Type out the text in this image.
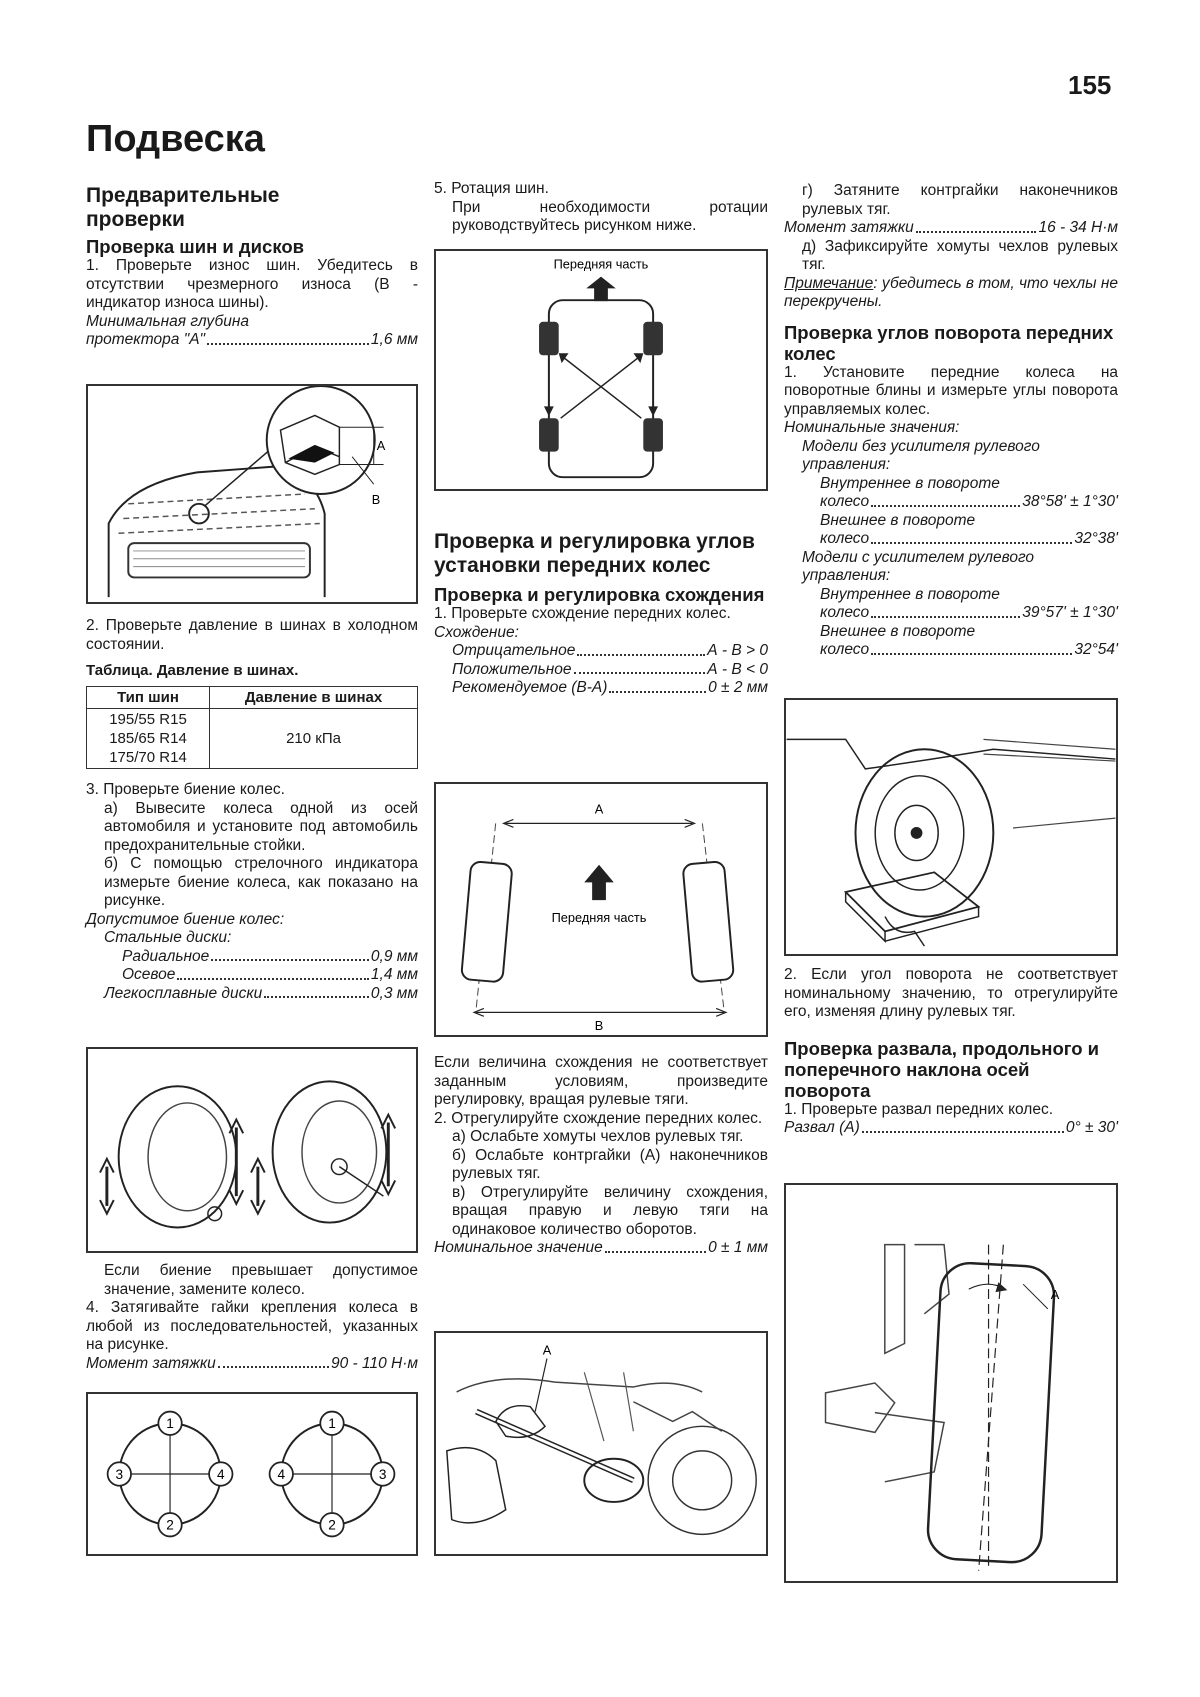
155
Подвеска
Предварительные проверки
Проверка шин и дисков

1. Проверьте износ шин. Убедитесь в отсутствии чрезмерного износа (В - индикатор износа шины).

Минимальная глубина
протектора "А"	1,6 мм
A
B

2. Проверьте давление в шинах в холодном состоянии.

Таблица. Давление в шинах.
Тип шин	Давление в шинах

195/55 R15
185/65 R14
175/70 R14	210 кПа

3. Проверьте биение колес.

а) Вывесите колеса одной из осей автомобиля и установите под автомобиль предохранительные стойки.

б) С помощью стрелочного индикатора измерьте биение колеса, как показано на рисунке.

Допустимое биение колес:
Стальные диски:
Радиальное	0,9 мм
Осевое	1,4 мм
Легкосплавные диски	0,3 мм

Если биение превышает допустимое значение, замените колесо.

4. Затягивайте гайки крепления колеса в любой из последовательностей, указанных на рисунке.

Момент затяжки	90 - 110 Н·м
1
2
3	4
1
2
4	3

5. Ротация шин.

При необходимости ротации руководствуйтесь рисунком ниже.

Передняя часть
Проверка и регулировка углов установки передних колес
Проверка и регулировка схождения

1. Проверьте схождение передних колес.

Схождение:
Отрицательное	А - В > 0
Положительное	А - В < 0
Рекомендуемое (В-А)	0 ± 2 мм
A
Передняя часть
B

Если величина схождения не соответствует заданным условиям, произведите регулировку, вращая рулевые тяги.

2. Отрегулируйте схождение передних колес.

а) Ослабьте хомуты чехлов рулевых тяг.

б) Ослабьте контргайки (А) наконечников рулевых тяг.

в) Отрегулируйте величину схождения, вращая правую и левую тяги на одинаковое количество оборотов.

Номинальное значение	0 ± 1 мм
A

г) Затяните контргайки наконечников рулевых тяг.

Момент затяжки	16 - 34 Н·м

д) Зафиксируйте хомуты чехлов рулевых тяг.

Примечание: убедитесь в том, что чехлы не перекручены.

Проверка углов поворота передних колес

1. Установите передние колеса на поворотные блины и измерьте углы поворота управляемых колес.

Номинальные значения:
Модели без усилителя рулевого управления:
Внутреннее в повороте
колесо	38°58' ± 1°30'
Внешнее в повороте
колесо	32°38'
Модели с усилителем рулевого управления:
Внутреннее в повороте
колесо	39°57' ± 1°30'
Внешнее в повороте
колесо	32°54'

2. Если угол поворота не соответствует номинальному значению, то отрегулируйте его, изменяя длину рулевых тяг.

Проверка развала, продольного и поперечного наклона осей поворота

1. Проверьте развал передних колес.

Развал (А)	0° ± 30'
A
